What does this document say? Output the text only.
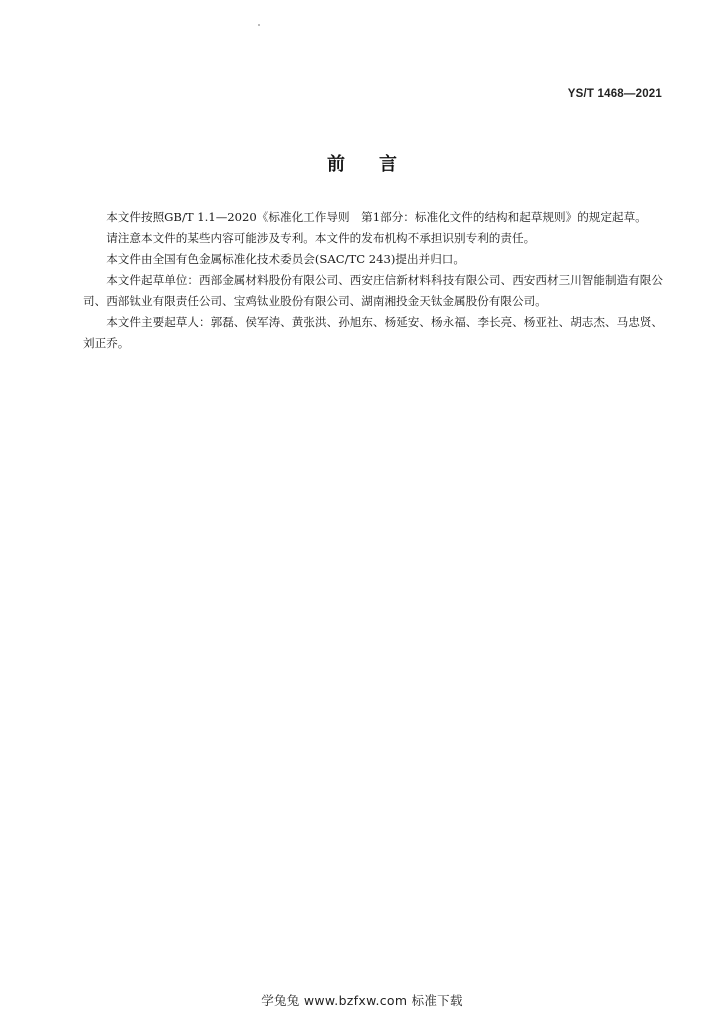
YS/T 1468—2021
前 言

本文件按照GB/T 1.1—2020《标准化工作导则　第1部分：标准化文件的结构和起草规则》的规定起草。

请注意本文件的某些内容可能涉及专利。本文件的发布机构不承担识别专利的责任。

本文件由全国有色金属标准化技术委员会(SAC/TC 243)提出并归口。

本文件起草单位：西部金属材料股份有限公司、西安庄信新材料科技有限公司、西安西材三川智能制造有限公司、西部钛业有限责任公司、宝鸡钛业股份有限公司、湖南湘投金天钛金属股份有限公司。

本文件主要起草人：郭磊、侯军涛、黄张洪、孙旭东、杨延安、杨永福、李长亮、杨亚社、胡志杰、马忠贤、刘正乔。

学兔兔 www.bzfxw.com 标准下载
